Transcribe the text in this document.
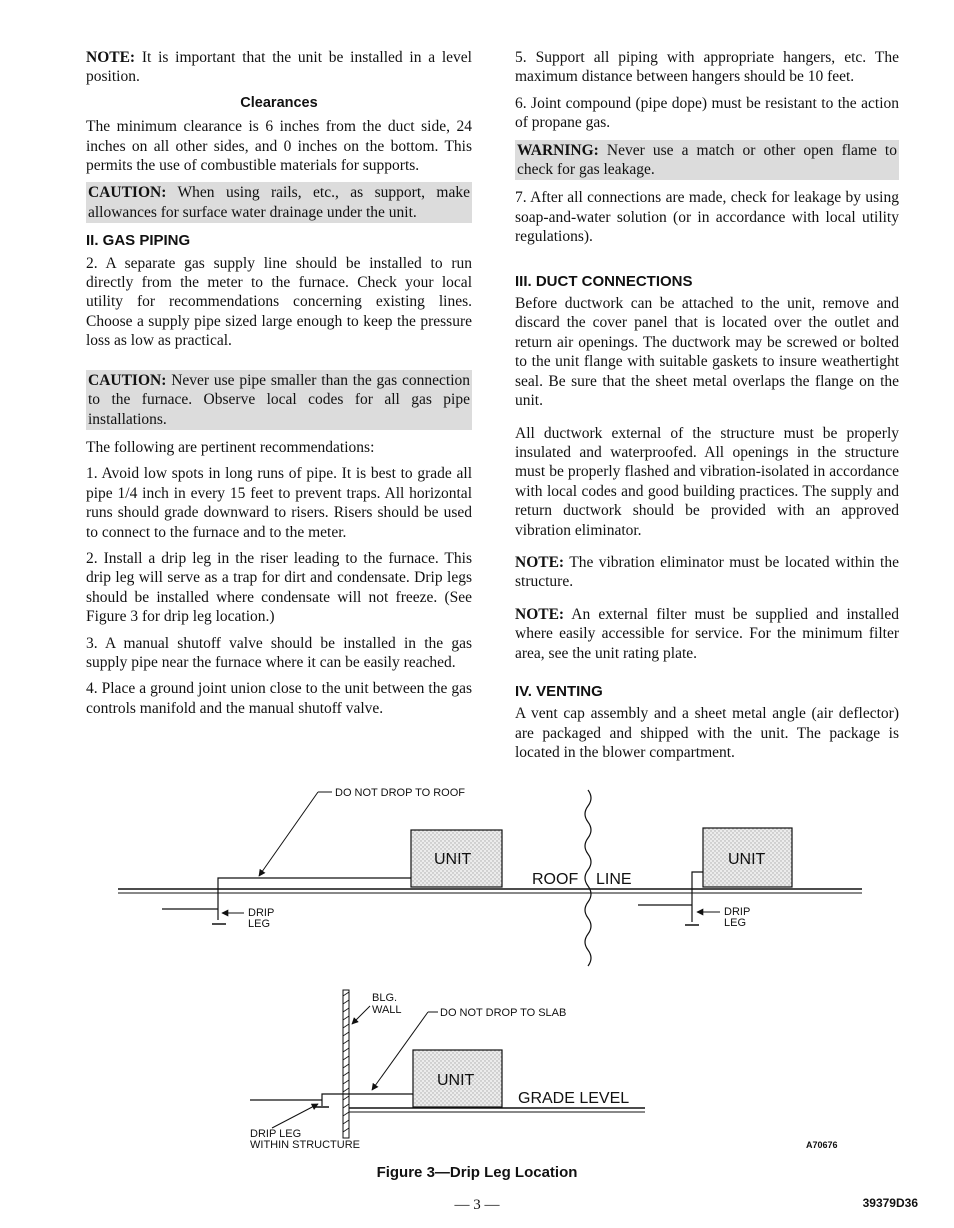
NOTE: It is important that the unit be installed in a level position.

Clearances

The minimum clearance is 6 inches from the duct side, 24 inches on all other sides, and 0 inches on the bottom. This permits the use of combustible materials for supports.

CAUTION: When using rails, etc., as support, make allowances for surface water drainage under the unit.

II. GAS PIPING

2. A separate gas supply line should be installed to run directly from the meter to the furnace. Check your local utility for recommendations concerning existing lines. Choose a supply pipe sized large enough to keep the pressure loss as low as practical.

CAUTION: Never use pipe smaller than the gas connection to the furnace. Observe local codes for all gas pipe installations.

The following are pertinent recommendations:

1. Avoid low spots in long runs of pipe. It is best to grade all pipe 1/4 inch in every 15 feet to prevent traps. All horizontal runs should grade downward to risers. Risers should be used to connect to the furnace and to the meter.

2. Install a drip leg in the riser leading to the furnace. This drip leg will serve as a trap for dirt and condensate. Drip legs should be installed where condensate will not freeze. (See Figure 3 for drip leg location.)

3. A manual shutoff valve should be installed in the gas supply pipe near the furnace where it can be easily reached.

4. Place a ground joint union close to the unit between the gas controls manifold and the manual shutoff valve.

5. Support all piping with appropriate hangers, etc. The maximum distance between hangers should be 10 feet.

6. Joint compound (pipe dope) must be resistant to the action of propane gas.

WARNING: Never use a match or other open flame to check for gas leakage.

7. After all connections are made, check for leakage by using soap-and-water solution (or in accordance with local utility regulations).

III. DUCT CONNECTIONS

Before ductwork can be attached to the unit, remove and discard the cover panel that is located over the outlet and return air openings. The ductwork may be screwed or bolted to the unit flange with suitable gaskets to insure weathertight seal. Be sure that the sheet metal overlaps the flange on the unit.

All ductwork external of the structure must be properly insulated and waterproofed. All openings in the structure must be properly flashed and vibration-isolated in accordance with local codes and good building practices. The supply and return ductwork should be provided with an approved vibration eliminator.

NOTE: The vibration eliminator must be located within the structure.

NOTE: An external filter must be supplied and installed where easily accessible for service. For the minimum filter area, see the unit rating plate.

IV. VENTING

A vent cap assembly and a sheet metal angle (air deflector) are packaged and shipped with the unit. The package is located in the blower compartment.

UNIT
DRIP
LEG
DO NOT DROP TO ROOF
ROOF LINE
UNIT
DRIP
LEG
BLG.
WALL
GRADE LEVEL
UNIT
DO NOT DROP TO SLAB
DRIP LEG
WITHIN STRUCTURE	A70676
Figure 3—Drip Leg Location
— 3 —	39379D36
